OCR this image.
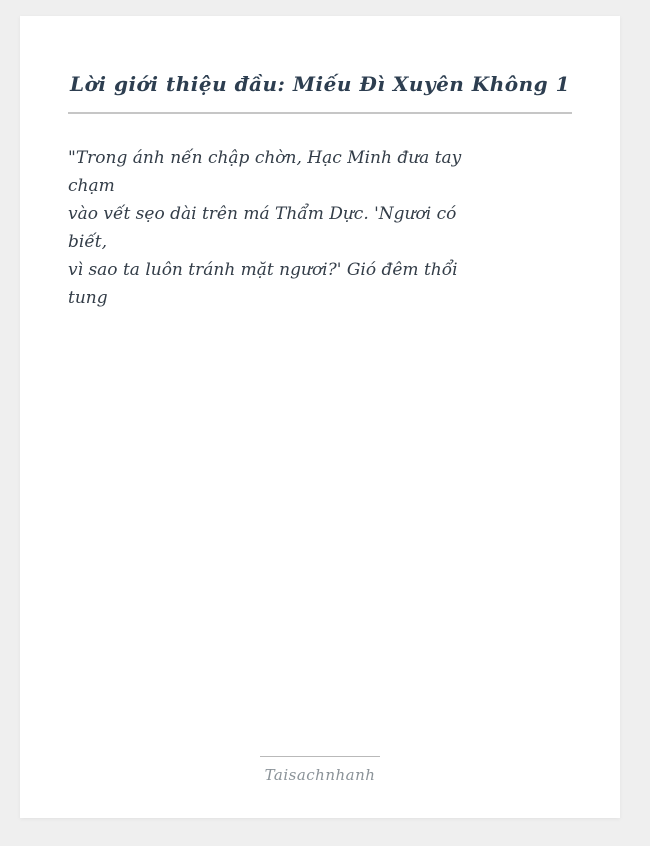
Lời giới thiệu đầu: Miếu Đì Xuyên Không 1

"Trong ánh nến chập chờn, Hạc Minh đưa tay

chạm

vào vết sẹo dài trên má Thẩm Dực. 'Ngươi có

biết,

vì sao ta luôn tránh mặt ngươi?' Gió đêm thổi

tung

Taisachnhanh
